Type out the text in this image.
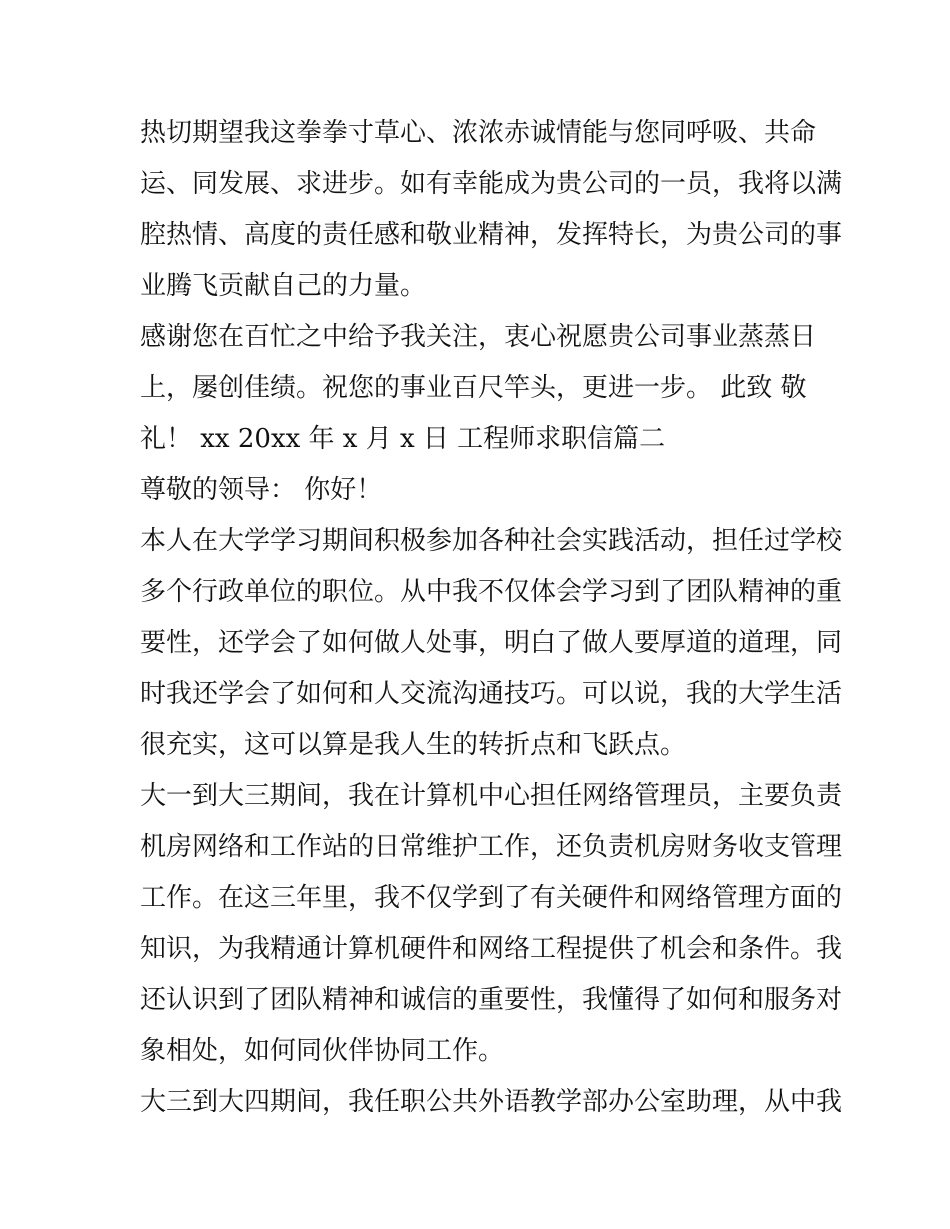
热切期望我这拳拳寸草心、浓浓赤诚情能与您同呼吸、共命
运、同发展、求进步。如有幸能成为贵公司的一员，我将以满
腔热情、高度的责任感和敬业精神，发挥特长，为贵公司的事
业腾飞贡献自己的力量。
感谢您在百忙之中给予我关注，衷心祝愿贵公司事业蒸蒸日
上，屡创佳绩。祝您的事业百尺竿头，更进一步。 此致 敬
礼！ xx 20xx 年 x 月 x 日 工程师求职信篇二
尊敬的领导： 你好！
本人在大学学习期间积极参加各种社会实践活动，担任过学校
多个行政单位的职位。从中我不仅体会学习到了团队精神的重
要性，还学会了如何做人处事，明白了做人要厚道的道理，同
时我还学会了如何和人交流沟通技巧。可以说，我的大学生活
很充实，这可以算是我人生的转折点和飞跃点。
大一到大三期间，我在计算机中心担任网络管理员，主要负责
机房网络和工作站的日常维护工作，还负责机房财务收支管理
工作。在这三年里，我不仅学到了有关硬件和网络管理方面的
知识，为我精通计算机硬件和网络工程提供了机会和条件。我
还认识到了团队精神和诚信的重要性，我懂得了如何和服务对
象相处，如何同伙伴协同工作。
大三到大四期间，我任职公共外语教学部办公室助理，从中我
